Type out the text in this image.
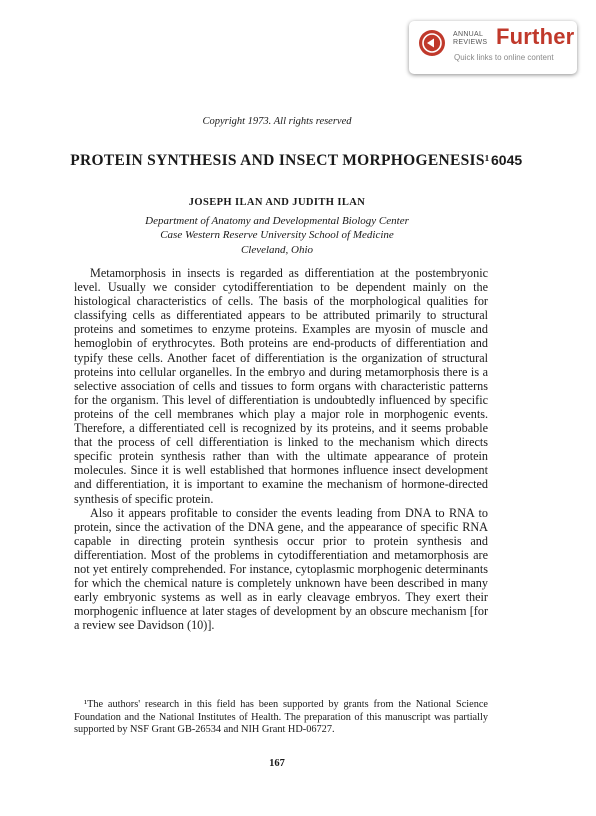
ANNUAL REVIEWS Further
Quick links to online content
Copyright 1973. All rights reserved
PROTEIN SYNTHESIS AND INSECT MORPHOGENESIS¹ 6045
JOSEPH ILAN AND JUDITH ILAN
Department of Anatomy and Developmental Biology Center
Case Western Reserve University School of Medicine
Cleveland, Ohio

Metamorphosis in insects is regarded as differentiation at the postembryonic level. Usually we consider cytodifferentiation to be dependent mainly on the histological characteristics of cells. The basis of the morphological qualities for classifying cells as differentiated appears to be attributed primarily to structural proteins and sometimes to enzyme proteins. Examples are myosin of muscle and hemoglobin of erythrocytes. Both proteins are end-products of differentiation and typify these cells. Another facet of differentiation is the organization of structural proteins into cellular organelles. In the embryo and during metamorphosis there is a selective association of cells and tissues to form organs with characteristic patterns for the organism. This level of differentiation is undoubtedly influenced by specific proteins of the cell membranes which play a major role in morphogenic events. Therefore, a differentiated cell is recognized by its proteins, and it seems probable that the process of cell differentiation is linked to the mechanism which directs specific protein synthesis rather than with the ultimate appearance of protein molecules. Since it is well established that hormones influence insect development and differentiation, it is important to examine the mechanism of hormone-directed synthesis of specific protein.

Also it appears profitable to consider the events leading from DNA to RNA to protein, since the activation of the DNA gene, and the appearance of specific RNA capable in directing protein synthesis occur prior to protein synthesis and differentiation. Most of the problems in cytodifferentiation and metamorphosis are not yet entirely comprehended. For instance, cytoplasmic morphogenic determinants for which the chemical nature is completely unknown have been described in many early embryonic systems as well as in early cleavage embryos. They exert their morphogenic influence at later stages of development by an obscure mechanism [for a review see Davidson (10)].

¹The authors' research in this field has been supported by grants from the National Science Foundation and the National Institutes of Health. The preparation of this manuscript was partially supported by NSF Grant GB-26534 and NIH Grant HD-06727.

167
